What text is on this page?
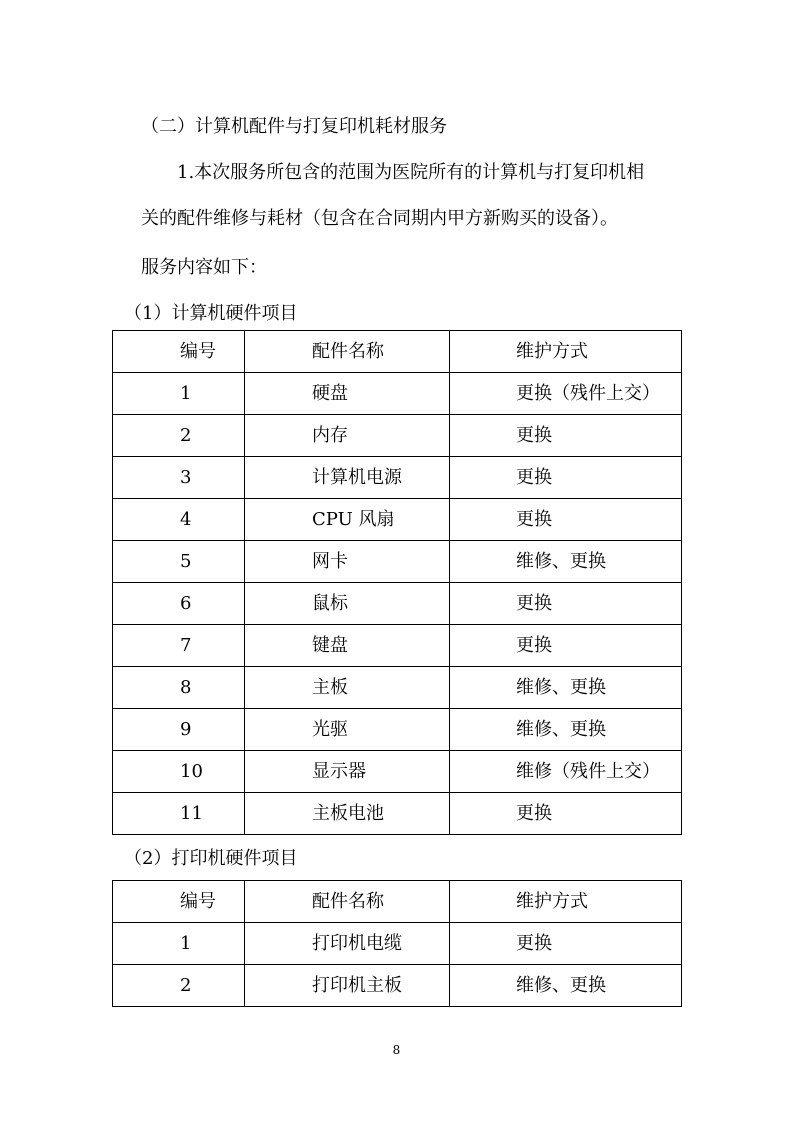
（二）计算机配件与打复印机耗材服务
1.本次服务所包含的范围为医院所有的计算机与打复印机相
关的配件维修与耗材（包含在合同期内甲方新购买的设备）。
服务内容如下：
（1）计算机硬件项目
编号	配件名称	维护方式
1	硬盘	更换（残件上交）
2	内存	更换
3	计算机电源	更换
4	CPU 风扇	更换
5	网卡	维修、更换
6	鼠标	更换
7	键盘	更换
8	主板	维修、更换
9	光驱	维修、更换
10	显示器	维修（残件上交）
11	主板电池	更换
（2）打印机硬件项目
编号	配件名称	维护方式
1	打印机电缆	更换
2	打印机主板	维修、更换
8
